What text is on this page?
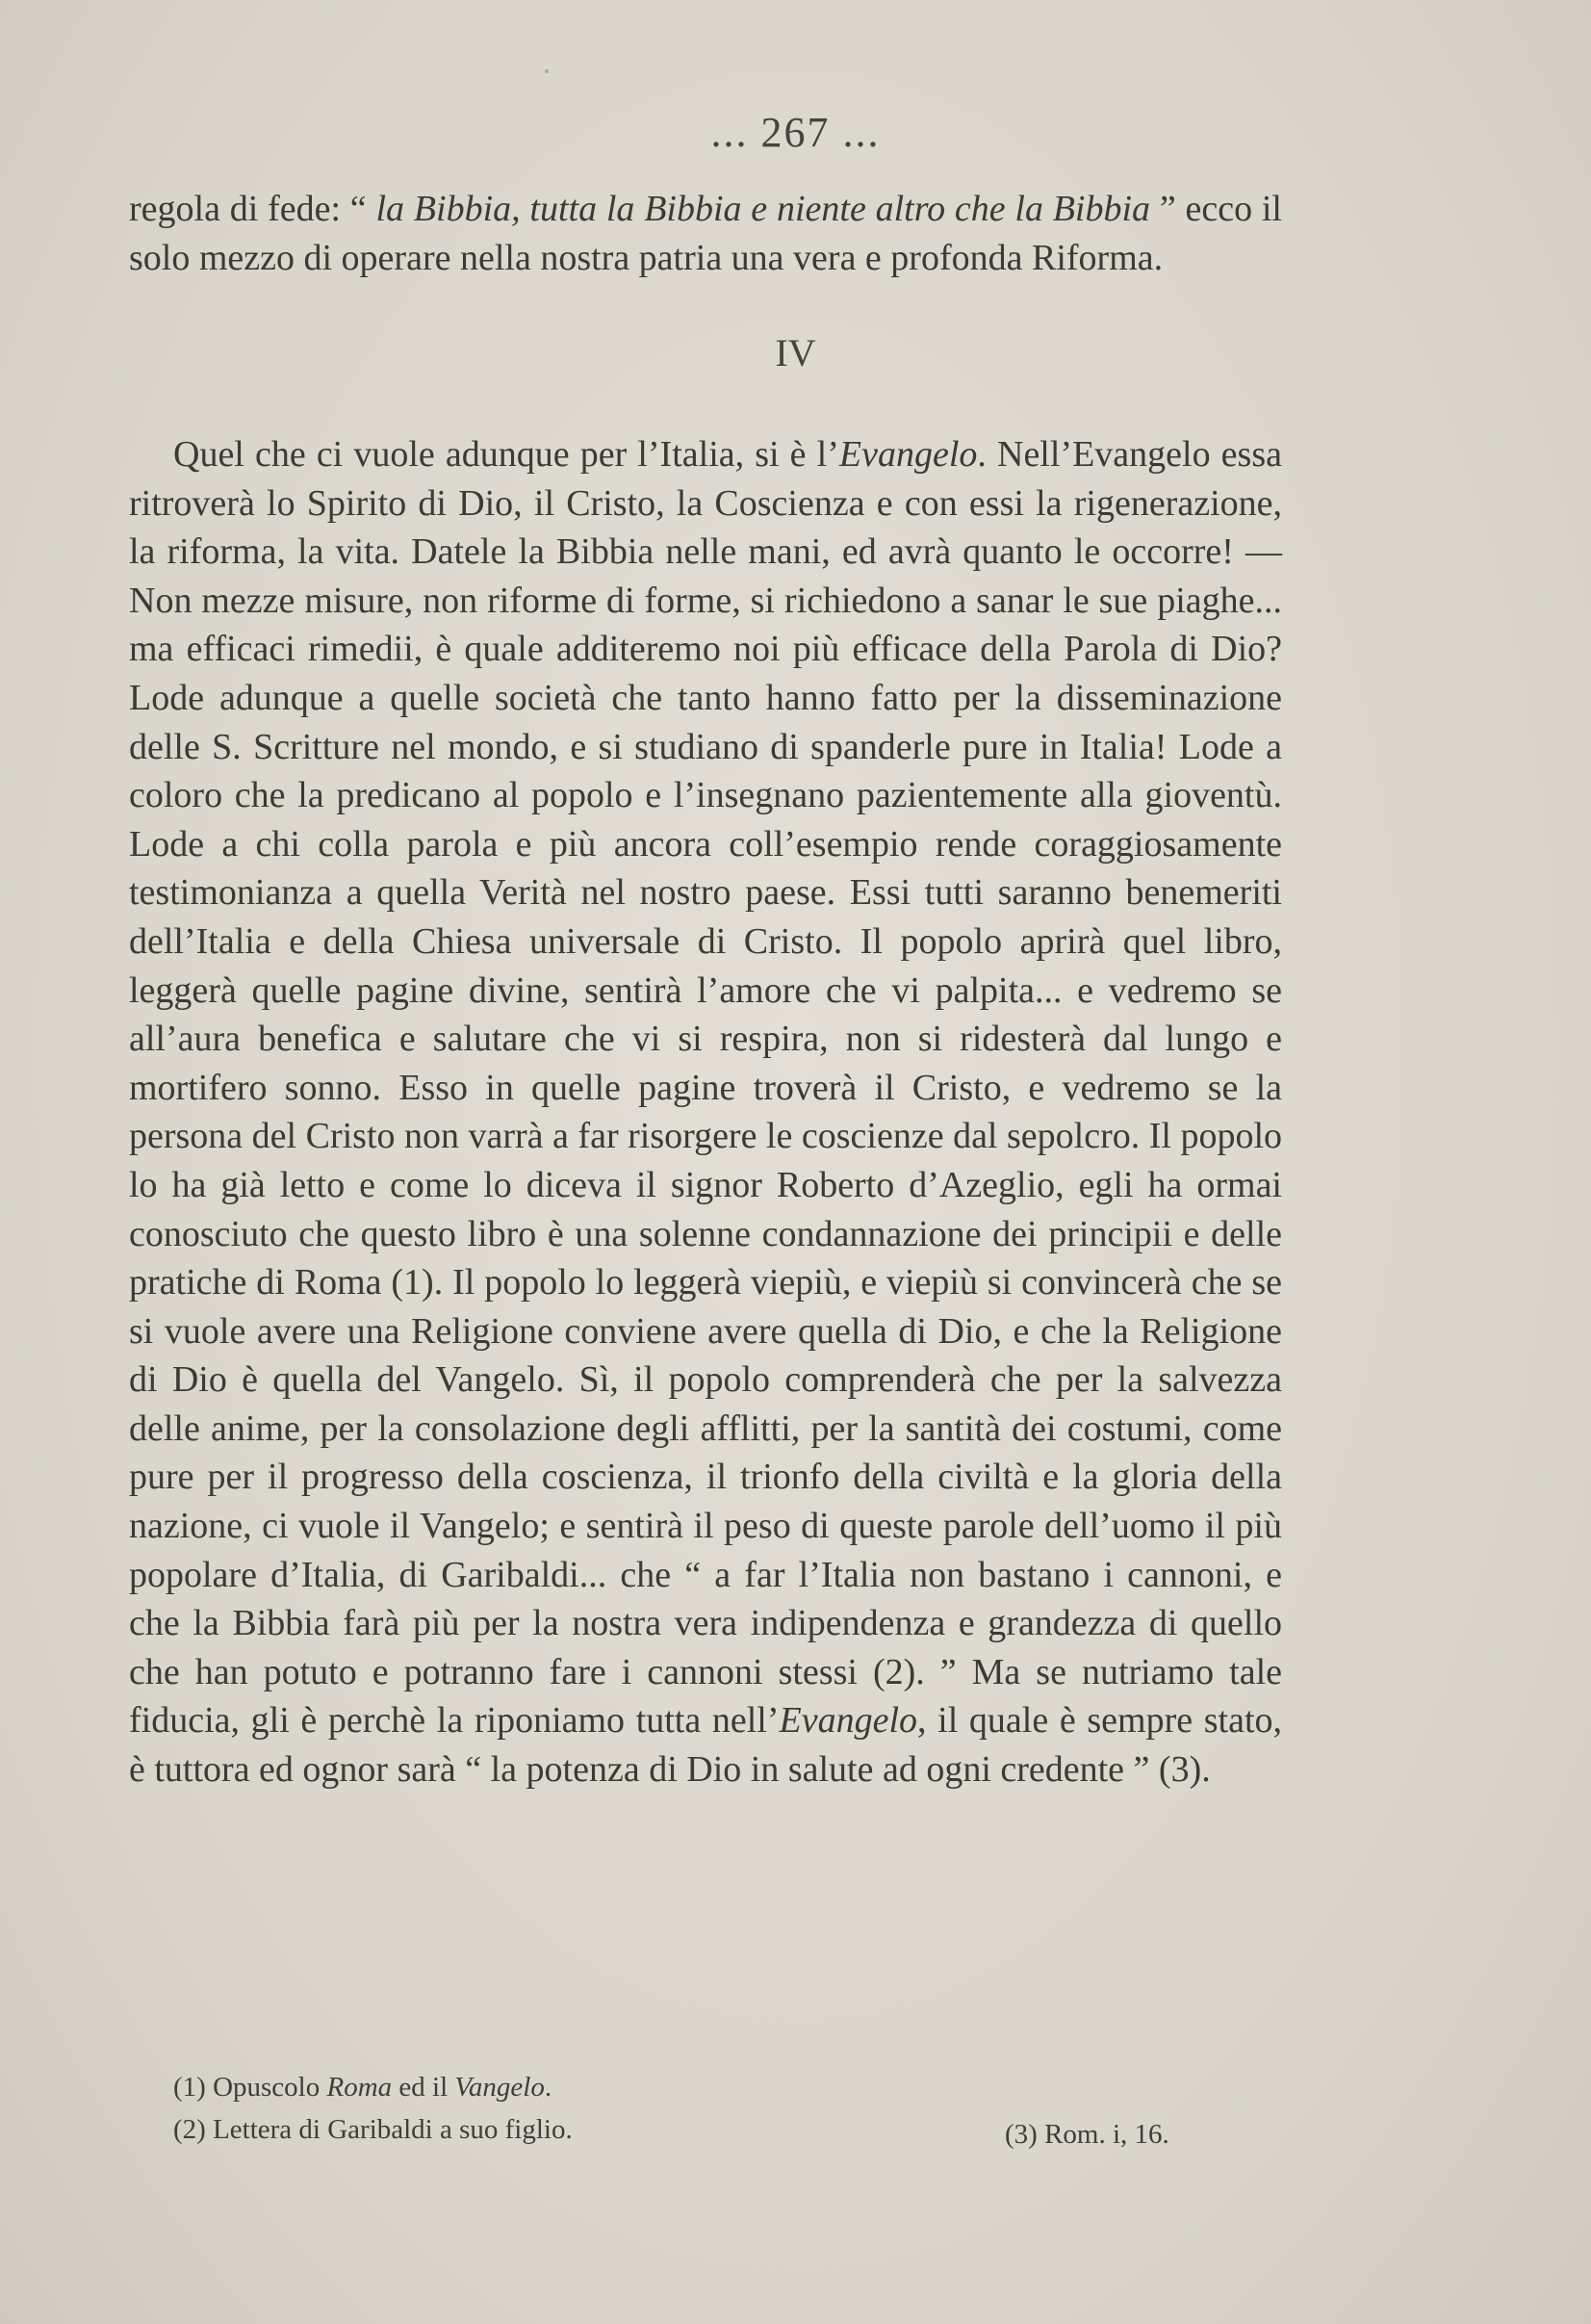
... 267 ...

regola di fede: “ la Bibbia, tutta la Bibbia e niente altro che la Bibbia ” ecco il solo mezzo di operare nella nostra patria una vera e profonda Riforma.

IV

Quel che ci vuole adunque per l’Italia, si è l’Evangelo. Nell’Evangelo essa ritroverà lo Spirito di Dio, il Cristo, la Coscienza e con essi la rigenerazione, la riforma, la vita. Datele la Bibbia nelle mani, ed avrà quanto le occorre! — Non mezze misure, non riforme di forme, si richiedono a sanar le sue piaghe... ma efficaci rimedii, è quale additeremo noi più efficace della Parola di Dio? Lode adunque a quelle società che tanto hanno fatto per la disseminazione delle S. Scritture nel mondo, e si studiano di spanderle pure in Italia! Lode a coloro che la predicano al popolo e l’insegnano pazientemente alla gioventù. Lode a chi colla parola e più ancora coll’esempio rende coraggiosamente testimonianza a quella Verità nel nostro paese. Essi tutti saranno benemeriti dell’Italia e della Chiesa universale di Cristo. Il popolo aprirà quel libro, leggerà quelle pagine divine, sentirà l’amore che vi palpita... e vedremo se all’aura benefica e salutare che vi si respira, non si ridesterà dal lungo e mortifero sonno. Esso in quelle pagine troverà il Cristo, e vedremo se la persona del Cristo non varrà a far risorgere le coscienze dal sepolcro. Il popolo lo ha già letto e come lo diceva il signor Roberto d’Azeglio, egli ha ormai conosciuto che questo libro è una solenne condannazione dei principii e delle pratiche di Roma (1). Il popolo lo leggerà viepiù, e viepiù si convincerà che se si vuole avere una Religione conviene avere quella di Dio, e che la Religione di Dio è quella del Vangelo. Sì, il popolo comprenderà che per la salvezza delle anime, per la consolazione degli afflitti, per la santità dei costumi, come pure per il progresso della coscienza, il trionfo della civiltà e la gloria della nazione, ci vuole il Vangelo; e sentirà il peso di queste parole dell’uomo il più popolare d’Italia, di Garibaldi... che “ a far l’Italia non bastano i cannoni, e che la Bibbia farà più per la nostra vera indipendenza e grandezza di quello che han potuto e potranno fare i cannoni stessi (2). ” Ma se nutriamo tale fiducia, gli è perchè la riponiamo tutta nell’Evangelo, il quale è sempre stato, è tuttora ed ognor sarà “ la potenza di Dio in salute ad ogni credente ” (3).

(1) Opuscolo Roma ed il Vangelo.

(2) Lettera di Garibaldi a suo figlio.	(3) Rom. i, 16.
